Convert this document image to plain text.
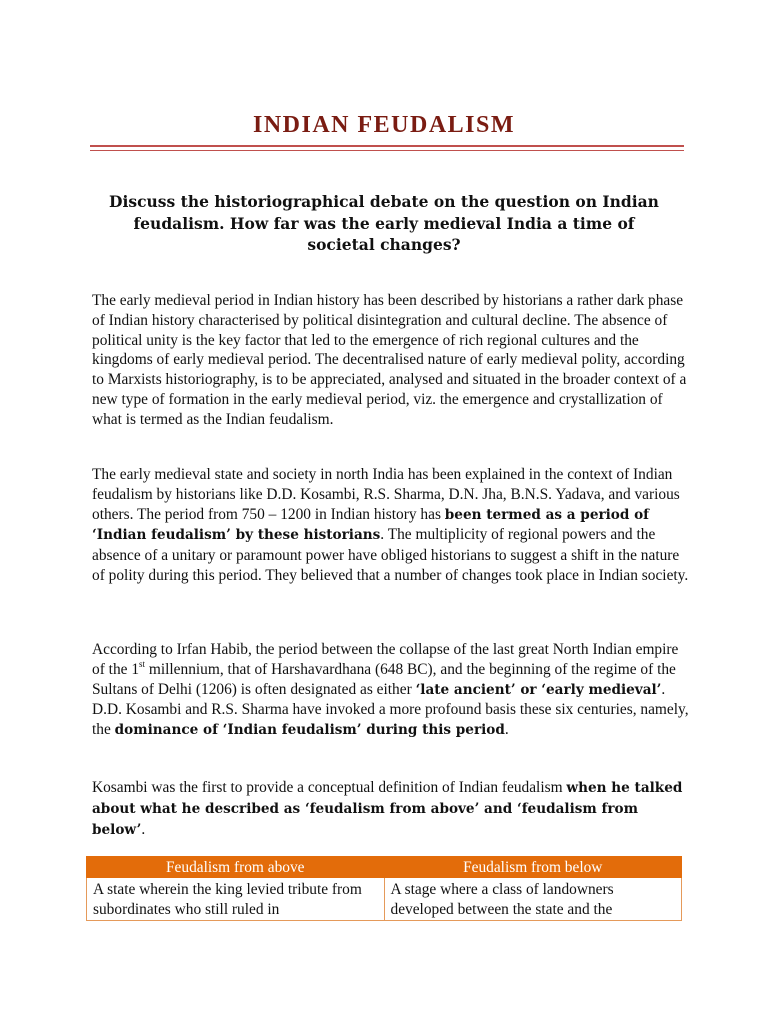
INDIAN FEUDALISM
Discuss the historiographical debate on the question on Indian feudalism. How far was the early medieval India a time of societal changes?
The early medieval period in Indian history has been described by historians a rather dark phase of Indian history characterised by political disintegration and cultural decline. The absence of political unity is the key factor that led to the emergence of rich regional cultures and the kingdoms of early medieval period. The decentralised nature of early medieval polity, according to Marxists historiography, is to be appreciated, analysed and situated in the broader context of a new type of formation in the early medieval period, viz. the emergence and crystallization of what is termed as the Indian feudalism.
The early medieval state and society in north India has been explained in the context of Indian feudalism by historians like D.D. Kosambi, R.S. Sharma, D.N. Jha, B.N.S. Yadava, and various others. The period from 750 – 1200 in Indian history has been termed as a period of ‘Indian feudalism’ by these historians. The multiplicity of regional powers and the absence of a unitary or paramount power have obliged historians to suggest a shift in the nature of polity during this period. They believed that a number of changes took place in Indian society.
According to Irfan Habib, the period between the collapse of the last great North Indian empire of the 1st millennium, that of Harshavardhana (648 BC), and the beginning of the regime of the Sultans of Delhi (1206) is often designated as either ‘late ancient’ or ‘early medieval’. D.D. Kosambi and R.S. Sharma have invoked a more profound basis these six centuries, namely, the dominance of ‘Indian feudalism’ during this period.
Kosambi was the first to provide a conceptual definition of Indian feudalism when he talked about what he described as ‘feudalism from above’ and ‘feudalism from below’.
Feudalism from above	Feudalism from below
A state wherein the king levied tribute from subordinates who still ruled in	A stage where a class of landowners developed between the state and the
